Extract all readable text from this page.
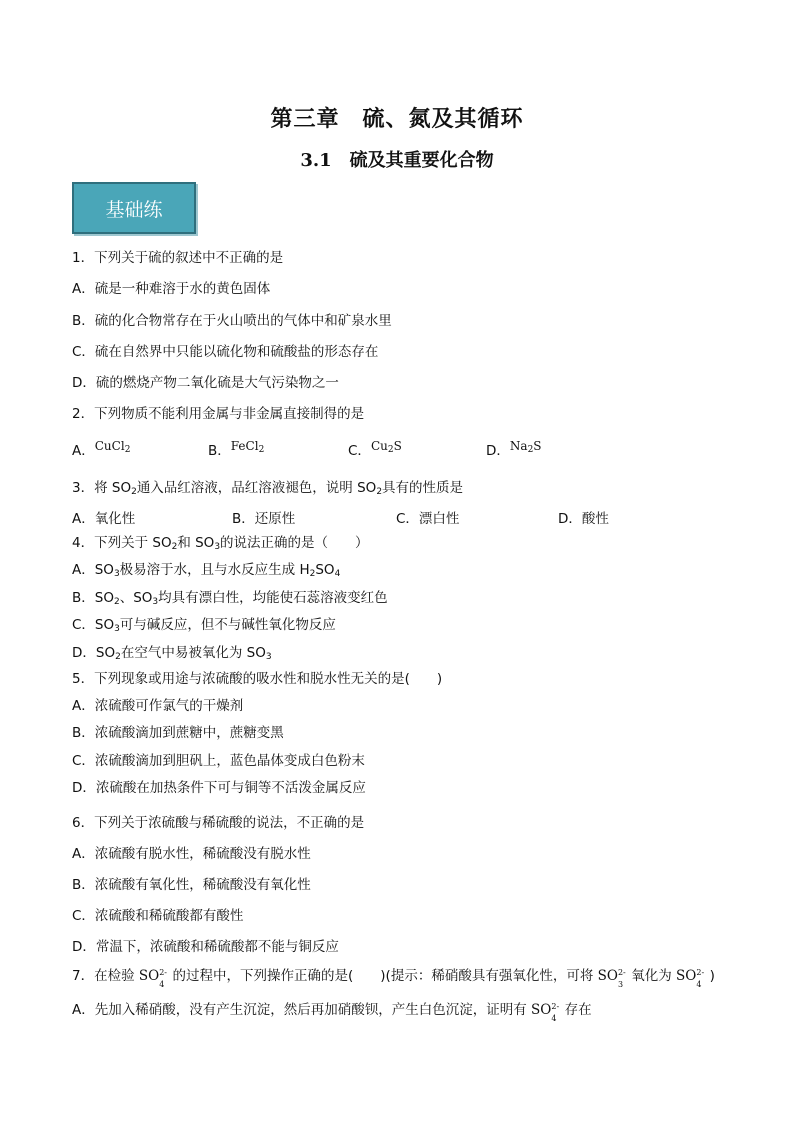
第三章　硫、氮及其循环
3.1　硫及其重要化合物
基础练
1．下列关于硫的叙述中不正确的是
A．硫是一种难溶于水的黄色固体
B．硫的化合物常存在于火山喷出的气体中和矿泉水里
C．硫在自然界中只能以硫化物和硫酸盐的形态存在
D．硫的燃烧产物二氧化硫是大气污染物之一
2．下列物质不能利用金属与非金属直接制得的是
A．CuCl$_2$	B．FeCl$_2$	C．$Cu_2S$	D．$Na_2S$
3．将 $SO_2$通入品红溶液，品红溶液褪色，说明 $SO_2$具有的性质是
A．氧化性	B．还原性	C．漂白性	D．酸性
4．下列关于 $SO_2$和 $SO_3$的说法正确的是（　　）
A．$SO_3$极易溶于水，且与水反应生成 $H_2SO_4$
B．$SO_2$、$SO_3$均具有漂白性，均能使石蕊溶液变红色
C．$SO_3$可与碱反应，但不与碱性氧化物反应
D．$SO_2$在空气中易被氧化为 $SO_3$
5．下列现象或用途与浓硫酸的吸水性和脱水性无关的是(　　)
A．浓硫酸可作氯气的干燥剂
B．浓硫酸滴加到蔗糖中，蔗糖变黑
C．浓硫酸滴加到胆矾上，蓝色晶体变成白色粉末
D．浓硫酸在加热条件下可与铜等不活泼金属反应
6．下列关于浓硫酸与稀硫酸的说法，不正确的是
A．浓硫酸有脱水性，稀硫酸没有脱水性
B．浓硫酸有氧化性，稀硫酸没有氧化性
C．浓硫酸和稀硫酸都有酸性
D．常温下，浓硫酸和稀硫酸都不能与铜反应
7．在检验 SO 2-
4
的过程中，下列操作正确的是(　　)(提示：稀硝酸具有强氧化性，可将 SO 2-
3
氧化为 SO 2-
4
)
A．先加入稀硝酸，没有产生沉淀，然后再加硝酸钡，产生白色沉淀，证明有 SO 2-
4
存在
